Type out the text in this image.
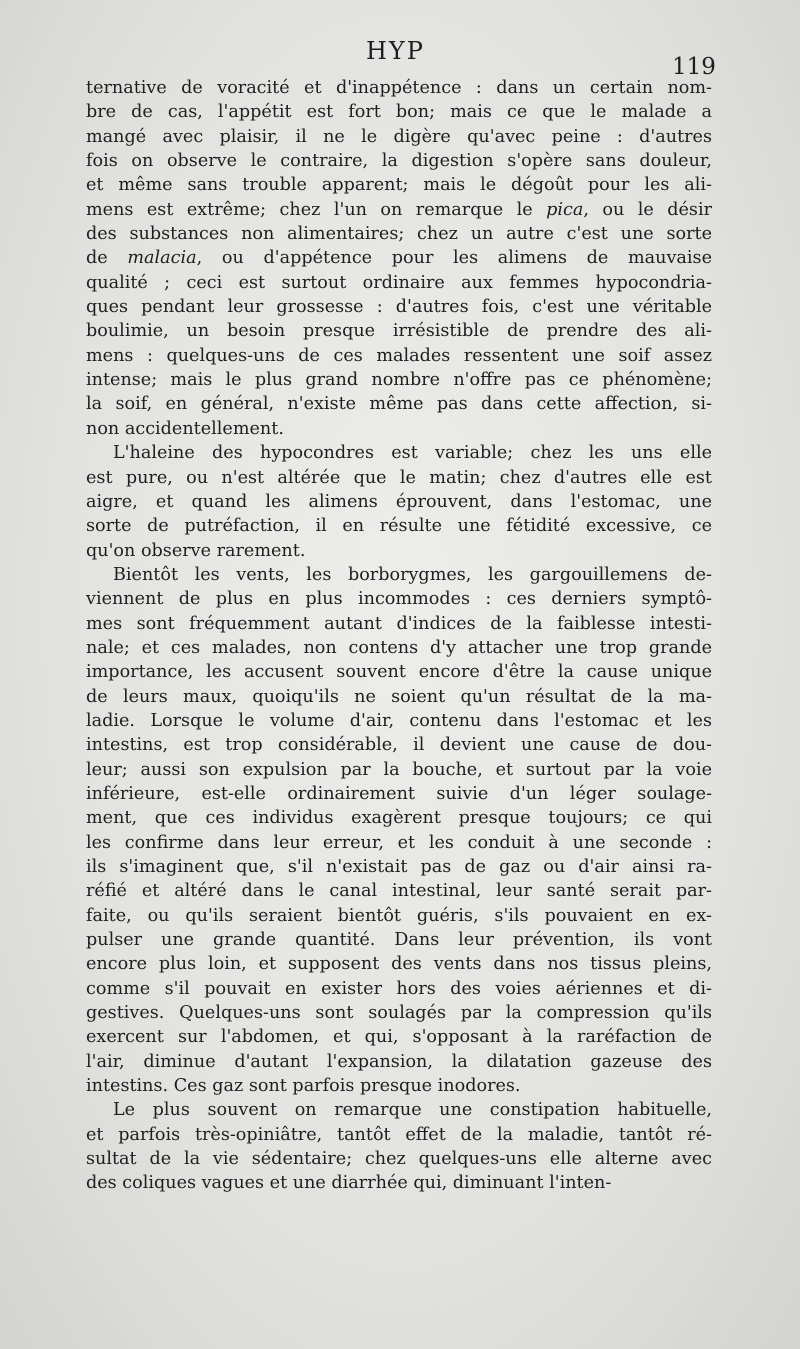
HYP
119
ternative de voracité et d'inappétence : dans un certain nom-
bre de cas, l'appétit est fort bon; mais ce que le malade a
mangé avec plaisir, il ne le digère qu'avec peine : d'autres
fois on observe le contraire, la digestion s'opère sans douleur,
et même sans trouble apparent; mais le dégoût pour les ali-
mens est extrême; chez l'un on remarque le pica, ou le désir
des substances non alimentaires; chez un autre c'est une sorte
de malacia, ou d'appétence pour les alimens de mauvaise
qualité ; ceci est surtout ordinaire aux femmes hypocondria-
ques pendant leur grossesse : d'autres fois, c'est une véritable
boulimie, un besoin presque irrésistible de prendre des ali-
mens : quelques-uns de ces malades ressentent une soif assez
intense; mais le plus grand nombre n'offre pas ce phénomène;
la soif, en général, n'existe même pas dans cette affection, si-
non accidentellement.
L'haleine des hypocondres est variable; chez les uns elle
est pure, ou n'est altérée que le matin; chez d'autres elle est
aigre, et quand les alimens éprouvent, dans l'estomac, une
sorte de putréfaction, il en résulte une fétidité excessive, ce
qu'on observe rarement.
Bientôt les vents, les borborygmes, les gargouillemens de-
viennent de plus en plus incommodes : ces derniers symptô-
mes sont fréquemment autant d'indices de la faiblesse intesti-
nale; et ces malades, non contens d'y attacher une trop grande
importance, les accusent souvent encore d'être la cause unique
de leurs maux, quoiqu'ils ne soient qu'un résultat de la ma-
ladie. Lorsque le volume d'air, contenu dans l'estomac et les
intestins, est trop considérable, il devient une cause de dou-
leur; aussi son expulsion par la bouche, et surtout par la voie
inférieure, est-elle ordinairement suivie d'un léger soulage-
ment, que ces individus exagèrent presque toujours; ce qui
les confirme dans leur erreur, et les conduit à une seconde :
ils s'imaginent que, s'il n'existait pas de gaz ou d'air ainsi ra-
réfié et altéré dans le canal intestinal, leur santé serait par-
faite, ou qu'ils seraient bientôt guéris, s'ils pouvaient en ex-
pulser une grande quantité. Dans leur prévention, ils vont
encore plus loin, et supposent des vents dans nos tissus pleins,
comme s'il pouvait en exister hors des voies aériennes et di-
gestives. Quelques-uns sont soulagés par la compression qu'ils
exercent sur l'abdomen, et qui, s'opposant à la raréfaction de
l'air, diminue d'autant l'expansion, la dilatation gazeuse des
intestins. Ces gaz sont parfois presque inodores.
Le plus souvent on remarque une constipation habituelle,
et parfois très-opiniâtre, tantôt effet de la maladie, tantôt ré-
sultat de la vie sédentaire; chez quelques-uns elle alterne avec
des coliques vagues et une diarrhée qui, diminuant l'inten-
